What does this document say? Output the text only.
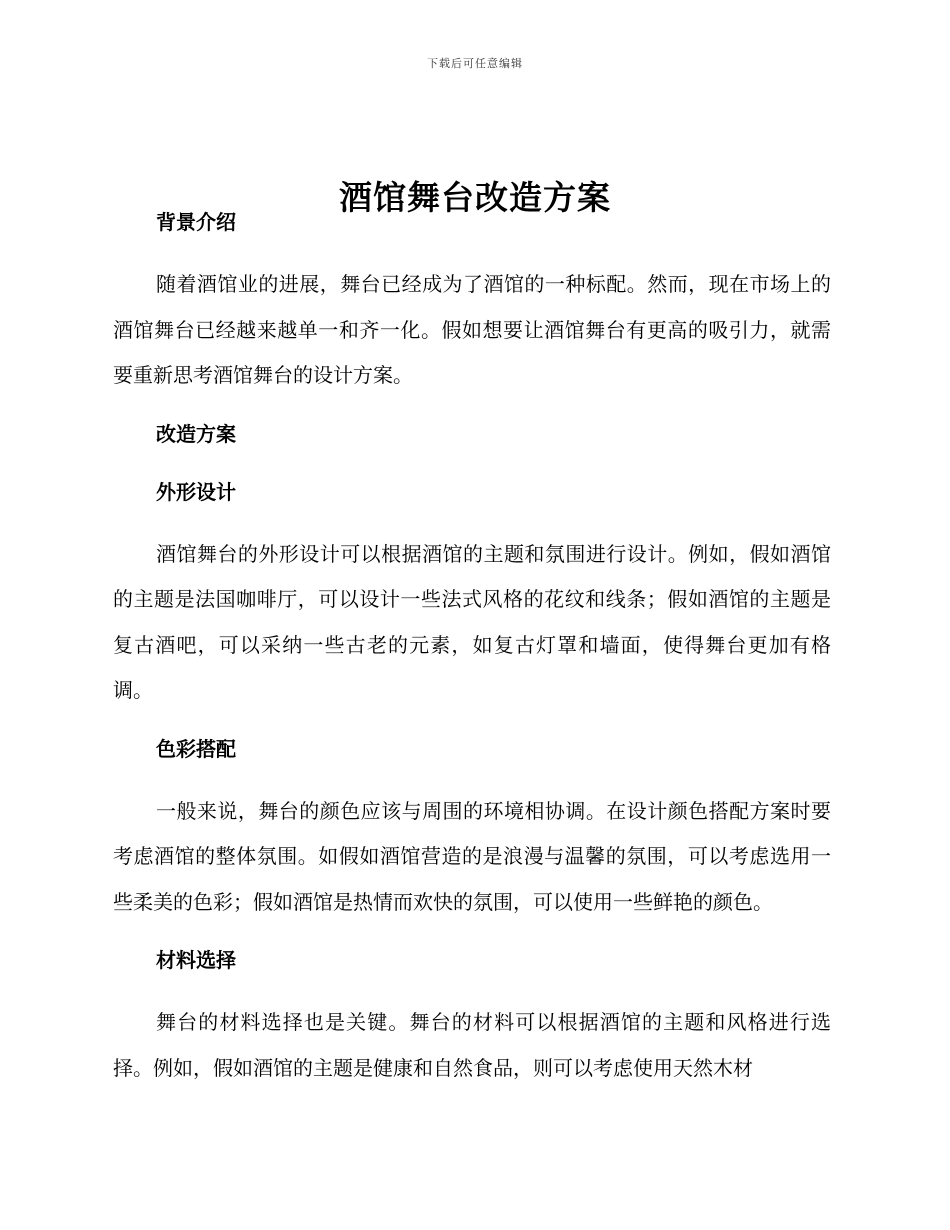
下载后可任意编辑
酒馆舞台改造方案
背景介绍

随着酒馆业的进展，舞台已经成为了酒馆的一种标配。然而，现在市场上的酒馆舞台已经越来越单一和齐一化。假如想要让酒馆舞台有更高的吸引力，就需要重新思考酒馆舞台的设计方案。

改造方案
外形设计

酒馆舞台的外形设计可以根据酒馆的主题和氛围进行设计。例如，假如酒馆的主题是法国咖啡厅，可以设计一些法式风格的花纹和线条；假如酒馆的主题是复古酒吧，可以采纳一些古老的元素，如复古灯罩和墙面，使得舞台更加有格调。

色彩搭配

一般来说，舞台的颜色应该与周围的环境相协调。在设计颜色搭配方案时要考虑酒馆的整体氛围。如假如酒馆营造的是浪漫与温馨的氛围，可以考虑选用一些柔美的色彩；假如酒馆是热情而欢快的氛围，可以使用一些鲜艳的颜色。

材料选择

舞台的材料选择也是关键。舞台的材料可以根据酒馆的主题和风格进行选择。例如，假如酒馆的主题是健康和自然食品，则可以考虑使用天然木材
